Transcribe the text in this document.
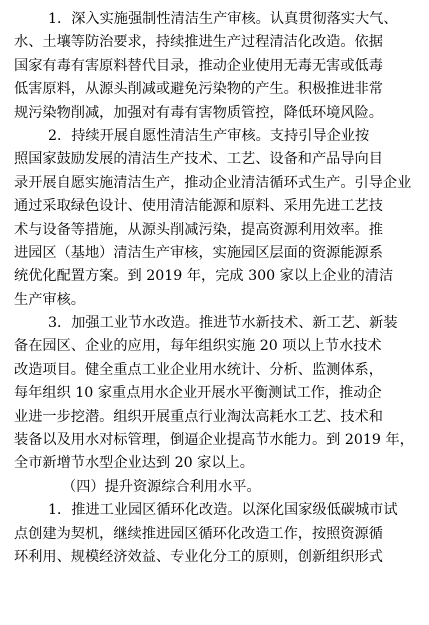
1．深入实施强制性清洁生产审核。认真贯彻落实大气、
水、土壤等防治要求，持续推进生产过程清洁化改造。依据
国家有毒有害原料替代目录，推动企业使用无毒无害或低毒
低害原料，从源头削减或避免污染物的产生。积极推进非常
规污染物削减，加强对有毒有害物质管控，降低环境风险。
2．持续开展自愿性清洁生产审核。支持引导企业按
照国家鼓励发展的清洁生产技术、工艺、设备和产品导向目
录开展自愿实施清洁生产，推动企业清洁循环式生产。引导企业
通过采取绿色设计、使用清洁能源和原料、采用先进工艺技
术与设备等措施，从源头削减污染，提高资源利用效率。推
进园区（基地）清洁生产审核，实施园区层面的资源能源系
统优化配置方案。到 2019 年，完成 300 家以上企业的清洁
生产审核。
3．加强工业节水改造。推进节水新技术、新工艺、新装
备在园区、企业的应用，每年组织实施 20 项以上节水技术
改造项目。健全重点工业企业用水统计、分析、监测体系，
每年组织 10 家重点用水企业开展水平衡测试工作，推动企
业进一步挖潜。组织开展重点行业淘汰高耗水工艺、技术和
装备以及用水对标管理，倒逼企业提高节水能力。到 2019 年，
全市新增节水型企业达到 20 家以上。
（四）提升资源综合利用水平。
1．推进工业园区循环化改造。以深化国家级低碳城市试
点创建为契机，继续推进园区循环化改造工作，按照资源循
环利用、规模经济效益、专业化分工的原则，创新组织形式
